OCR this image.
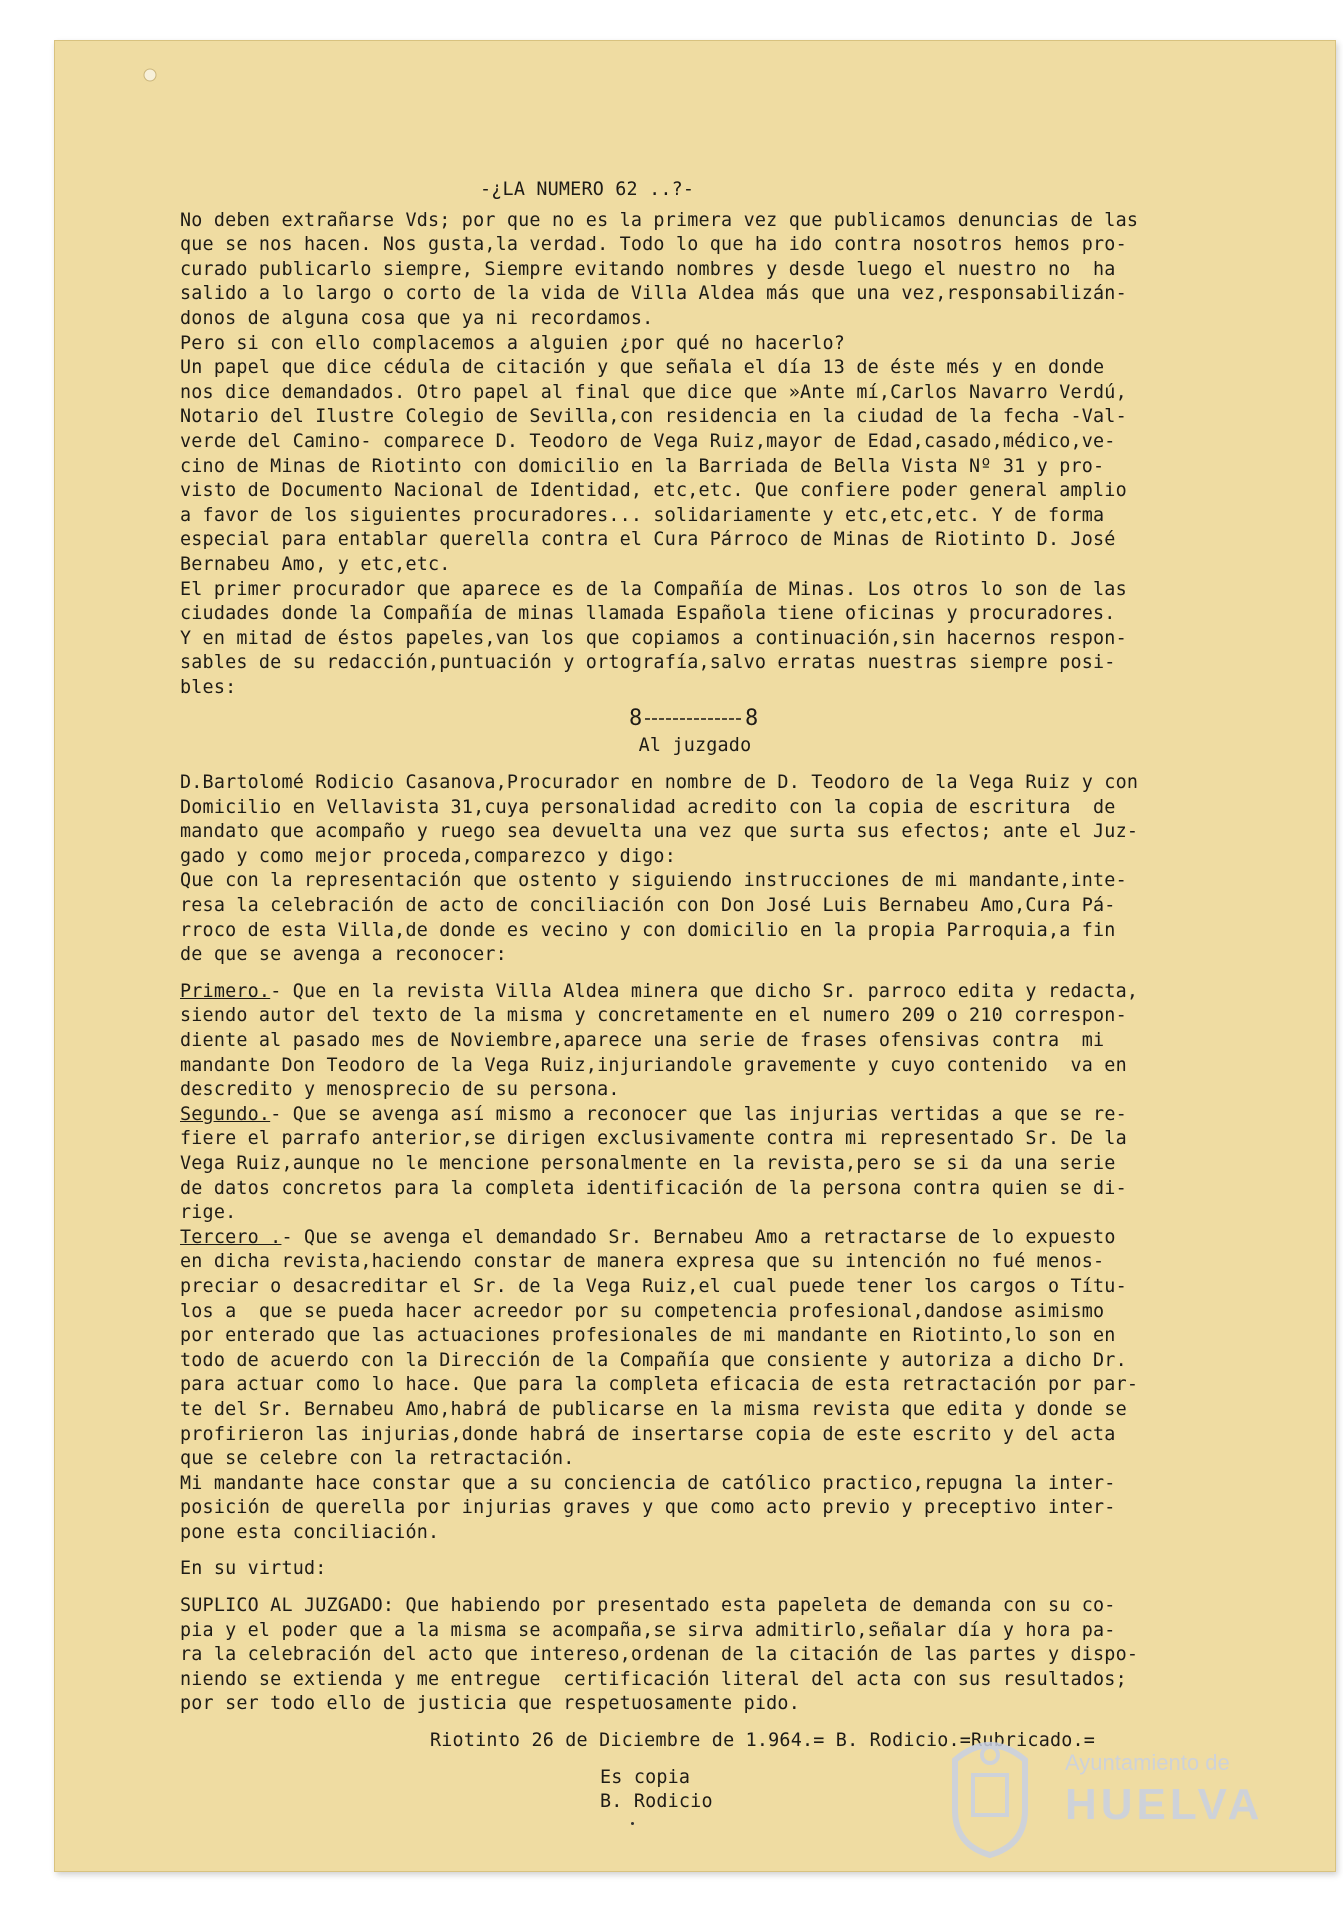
-¿LA NUMERO 62 ..?-

No deben extrañarse Vds; por que no es la primera vez que publicamos denuncias de las

que se nos hacen. Nos gusta,la verdad. Todo lo que ha ido contra nosotros hemos pro-

curado publicarlo siempre, Siempre evitando nombres y desde luego el nuestro no  ha

salido a lo largo o corto de la vida de Villa Aldea más que una vez,responsabilizán-

donos de alguna cosa que ya ni recordamos.

Pero si con ello complacemos a alguien ¿por qué no hacerlo?

Un papel que dice cédula de citación y que señala el día 13 de éste més y en donde

nos dice demandados. Otro papel al final que dice que »Ante mí,Carlos Navarro Verdú,

Notario del Ilustre Colegio de Sevilla,con residencia en la ciudad de la fecha -Val-

verde del Camino- comparece D. Teodoro de Vega Ruiz,mayor de Edad,casado,médico,ve-

cino de Minas de Riotinto con domicilio en la Barriada de Bella Vista Nº 31 y pro-

visto de Documento Nacional de Identidad, etc,etc. Que confiere poder general amplio

a favor de los siguientes procuradores... solidariamente y etc,etc,etc. Y de forma

especial para entablar querella contra el Cura Párroco de Minas de Riotinto D. José

Bernabeu Amo, y etc,etc.

El primer procurador que aparece es de la Compañía de Minas. Los otros lo son de las

ciudades donde la Compañía de minas llamada Española tiene oficinas y procuradores.

Y en mitad de éstos papeles,van los que copiamos a continuación,sin hacernos respon-

sables de su redacción,puntuación y ortografía,salvo erratas nuestras siempre posi-

bles:

8	8

Al juzgado

D.Bartolomé Rodicio Casanova,Procurador en nombre de D. Teodoro de la Vega Ruiz y con

Domicilio en Vellavista 31,cuya personalidad acredito con la copia de escritura  de

mandato que acompaño y ruego sea devuelta una vez que surta sus efectos; ante el Juz-

gado y como mejor proceda,comparezco y digo:

Que con la representación que ostento y siguiendo instrucciones de mi mandante,inte-

resa la celebración de acto de conciliación con Don José Luis Bernabeu Amo,Cura Pá-

rroco de esta Villa,de donde es vecino y con domicilio en la propia Parroquia,a fin

de que se avenga a reconocer:

Primero.- Que en la revista Villa Aldea minera que dicho Sr. parroco edita y redacta,

siendo autor del texto de la misma y concretamente en el numero 209 o 210 correspon-

diente al pasado mes de Noviembre,aparece una serie de frases ofensivas contra  mi

mandante Don Teodoro de la Vega Ruiz,injuriandole gravemente y cuyo contenido  va en

descredito y menosprecio de su persona.

Segundo.- Que se avenga así mismo a reconocer que las injurias vertidas a que se re-

fiere el parrafo anterior,se dirigen exclusivamente contra mi representado Sr. De la

Vega Ruiz,aunque no le mencione personalmente en la revista,pero se si da una serie

de datos concretos para la completa identificación de la persona contra quien se di-

rige.

Tercero .- Que se avenga el demandado Sr. Bernabeu Amo a retractarse de lo expuesto

en dicha revista,haciendo constar de manera expresa que su intención no fué menos-

preciar o desacreditar el Sr. de la Vega Ruiz,el cual puede tener los cargos o Títu-

los a  que se pueda hacer acreedor por su competencia profesional,dandose asimismo

por enterado que las actuaciones profesionales de mi mandante en Riotinto,lo son en

todo de acuerdo con la Dirección de la Compañía que consiente y autoriza a dicho Dr.

para actuar como lo hace. Que para la completa eficacia de esta retractación por par-

te del Sr. Bernabeu Amo,habrá de publicarse en la misma revista que edita y donde se

profirieron las injurias,donde habrá de insertarse copia de este escrito y del acta

que se celebre con la retractación.

Mi mandante hace constar que a su conciencia de católico practico,repugna la inter-

posición de querella por injurias graves y que como acto previo y preceptivo inter-

pone esta conciliación.

En su virtud:

SUPLICO AL JUZGADO: Que habiendo por presentado esta papeleta de demanda con su co-

pia y el poder que a la misma se acompaña,se sirva admitirlo,señalar día y hora pa-

ra la celebración del acto que intereso,ordenan de la citación de las partes y dispo-

niendo se extienda y me entregue  certificación literal del acta con sus resultados;

por ser todo ello de justicia que respetuosamente pido.

Riotinto 26 de Diciembre de 1.964.= B. Rodicio.=Rubricado.=

Es copia

B. Rodicio

Ayuntamiento de
HUELVA
